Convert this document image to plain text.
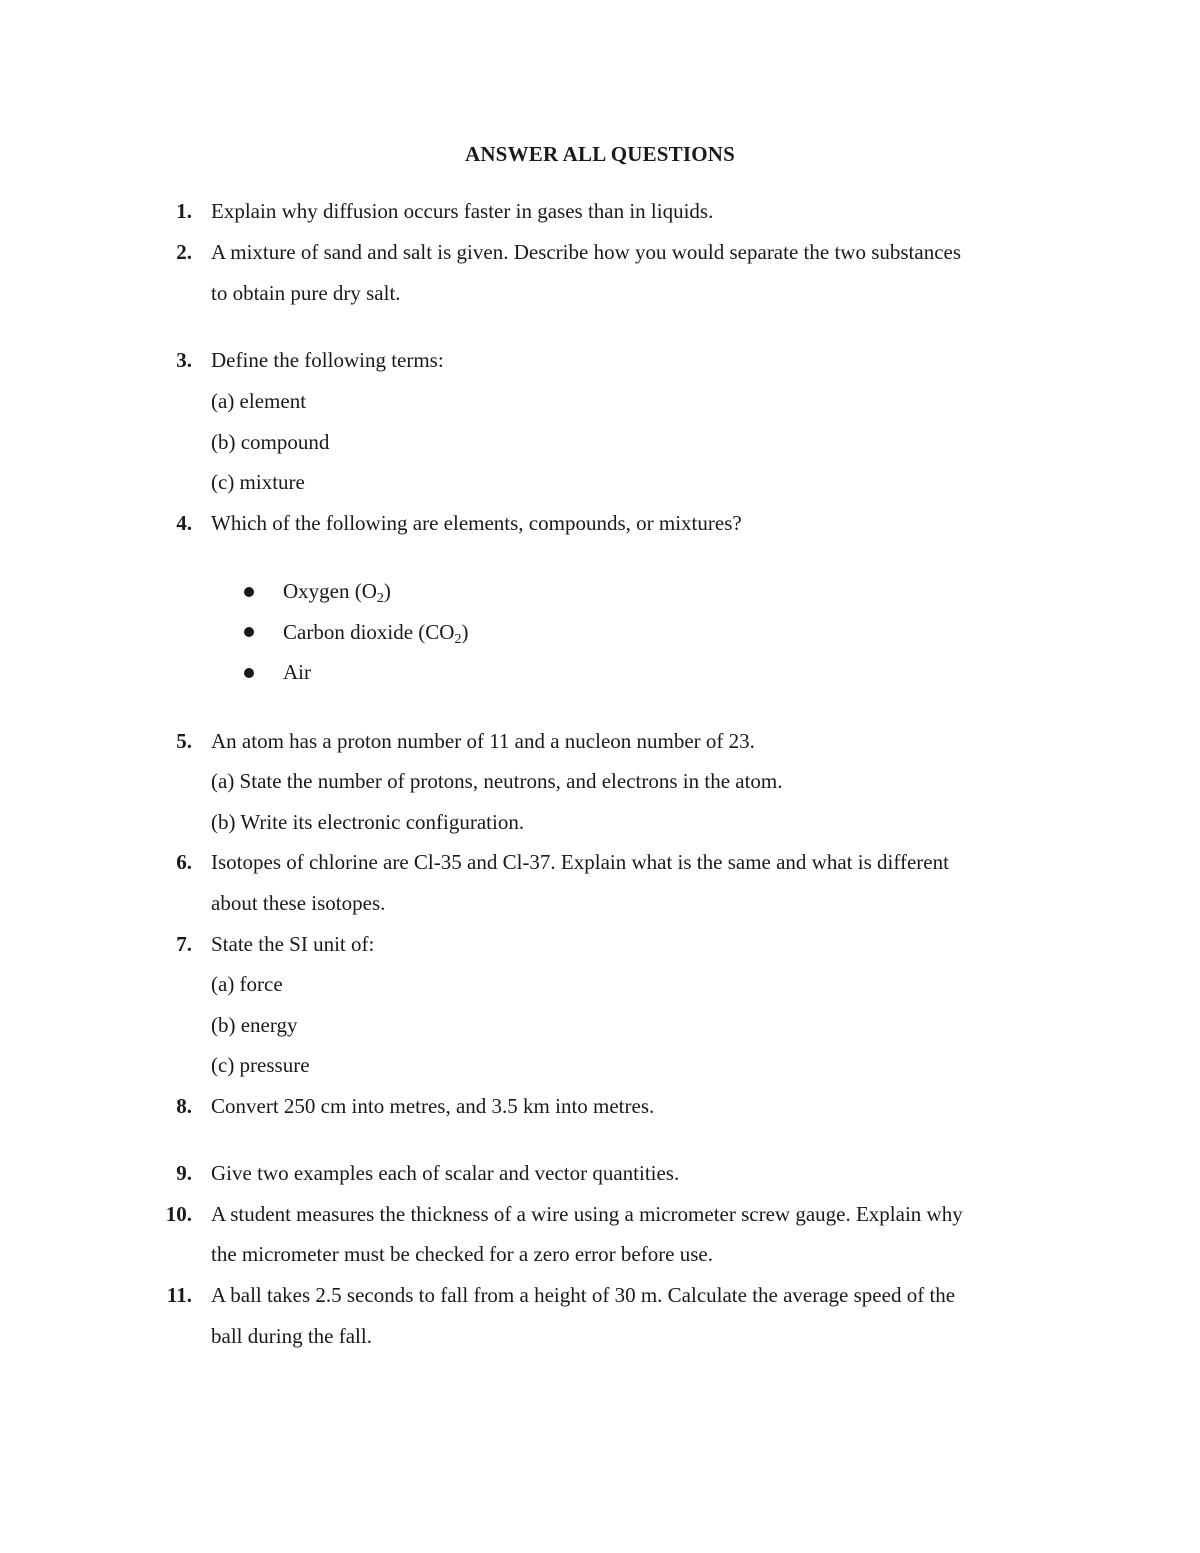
ANSWER ALL QUESTIONS
1. Explain why diffusion occurs faster in gases than in liquids.
2. A mixture of sand and salt is given. Describe how you would separate the two substances
to obtain pure dry salt.
3. Define the following terms:
(a) element
(b) compound
(c) mixture
4. Which of the following are elements, compounds, or mixtures?
Oxygen $(O_2)$
Carbon dioxide $(CO_2)$
Air
5. An atom has a proton number of 11 and a nucleon number of 23.
(a) State the number of protons, neutrons, and electrons in the atom.
(b) Write its electronic configuration.
6. Isotopes of chlorine are Cl-35 and Cl-37. Explain what is the same and what is different
about these isotopes.
7. State the SI unit of:
(a) force
(b) energy
(c) pressure
8. Convert 250 cm into metres, and 3.5 km into metres.
9. Give two examples each of scalar and vector quantities.
10. A student measures the thickness of a wire using a micrometer screw gauge. Explain why
the micrometer must be checked for a zero error before use.
11. A ball takes 2.5 seconds to fall from a height of 30 m. Calculate the average speed of the
ball during the fall.
